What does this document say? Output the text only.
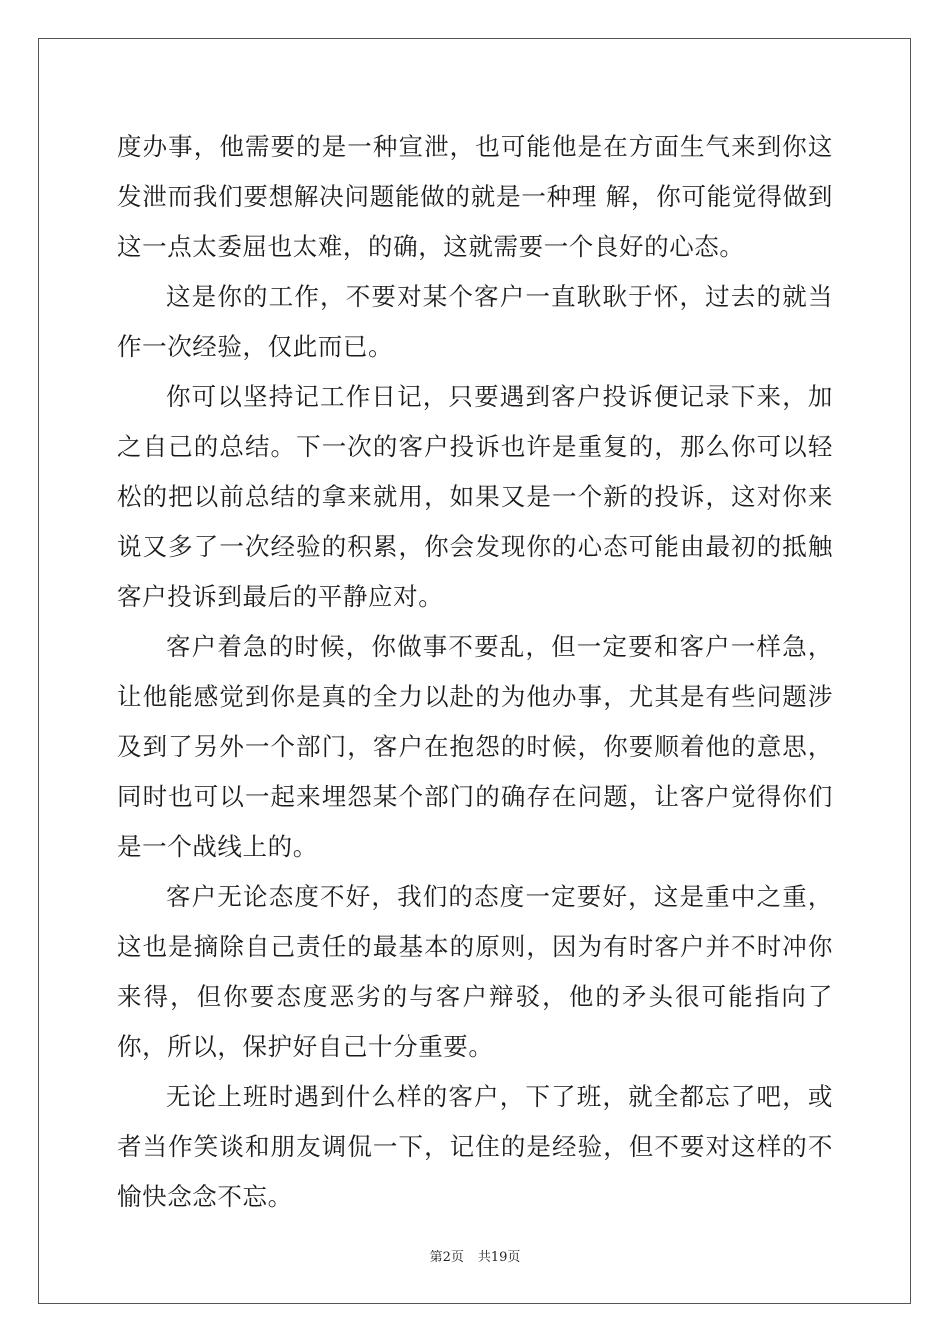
度办事，他需要的是一种宣泄，也可能他是在方面生气来到你这发泄而我们要想解决问题能做的就是一种理 解，你可能觉得做到这一点太委屈也太难，的确，这就需要一个良好的心态。

这是你的工作，不要对某个客户一直耿耿于怀，过去的就当作一次经验，仅此而已。

你可以坚持记工作日记，只要遇到客户投诉便记录下来，加之自己的总结。下一次的客户投诉也许是重复的，那么你可以轻松的把以前总结的拿来就用，如果又是一个新的投诉，这对你来说又多了一次经验的积累，你会发现你的心态可能由最初的抵触客户投诉到最后的平静应对。

客户着急的时候，你做事不要乱，但一定要和客户一样急，让他能感觉到你是真的全力以赴的为他办事，尤其是有些问题涉及到了另外一个部门，客户在抱怨的时候，你要顺着他的意思，同时也可以一起来埋怨某个部门的确存在问题，让客户觉得你们是一个战线上的。

客户无论态度不好，我们的态度一定要好，这是重中之重，这也是摘除自己责任的最基本的原则，因为有时客户并不时冲你来得，但你要态度恶劣的与客户辩驳，他的矛头很可能指向了你，所以，保护好自己十分重要。

无论上班时遇到什么样的客户，下了班，就全都忘了吧，或者当作笑谈和朋友调侃一下，记住的是经验，但不要对这样的不愉快念念不忘。

第2页 共19页
